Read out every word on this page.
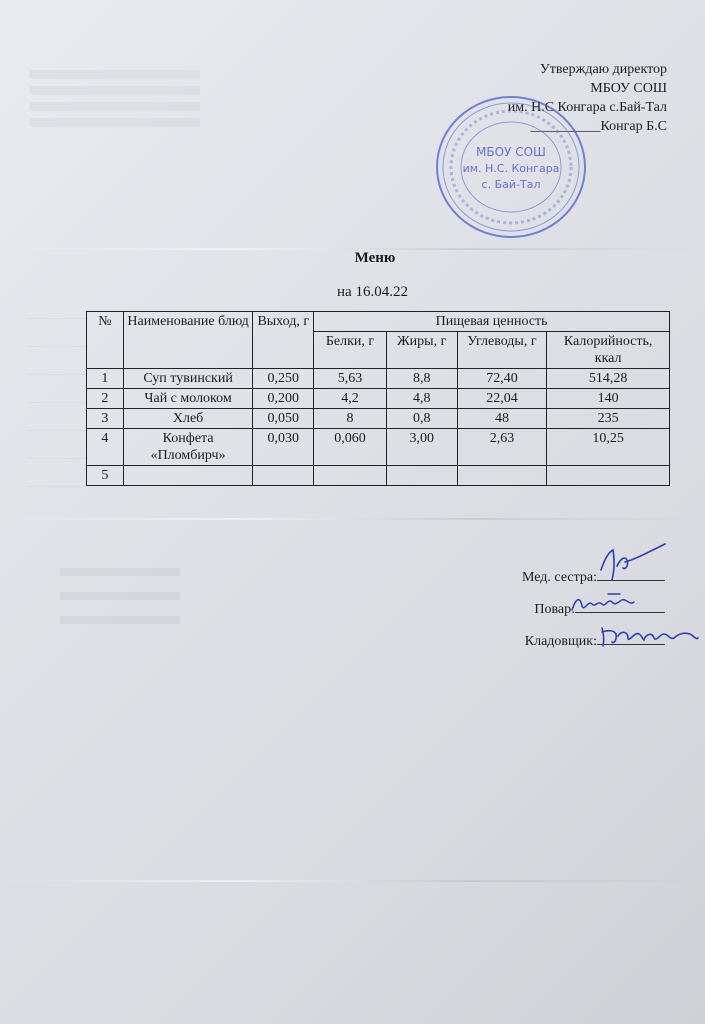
Утверждаю директор
МБОУ СОШ
им. Н.С Конгара с.Бай-Тал
__________Конгар Б.С
МБОУ СОШ
им. Н.С. Конгара
с. Бай-Тал
Меню
на 16.04.22
№	Наименование блюд	Выход, г	Пищевая ценность			
			Белки, г	Жиры, г	Углеводы, г	Калорийность, ккал
1	Суп тувинский	0,250	5,63	8,8	72,40	514,28
2	Чай с молоком	0,200	4,2	4,8	22,04	140
3	Хлеб	0,050	8	0,8	48	235
4	Конфета «Пломбирч»	0,030	0,060	3,00	2,63	10,25
5						
Мед. сестра:
Повар:
Кладовщик:
